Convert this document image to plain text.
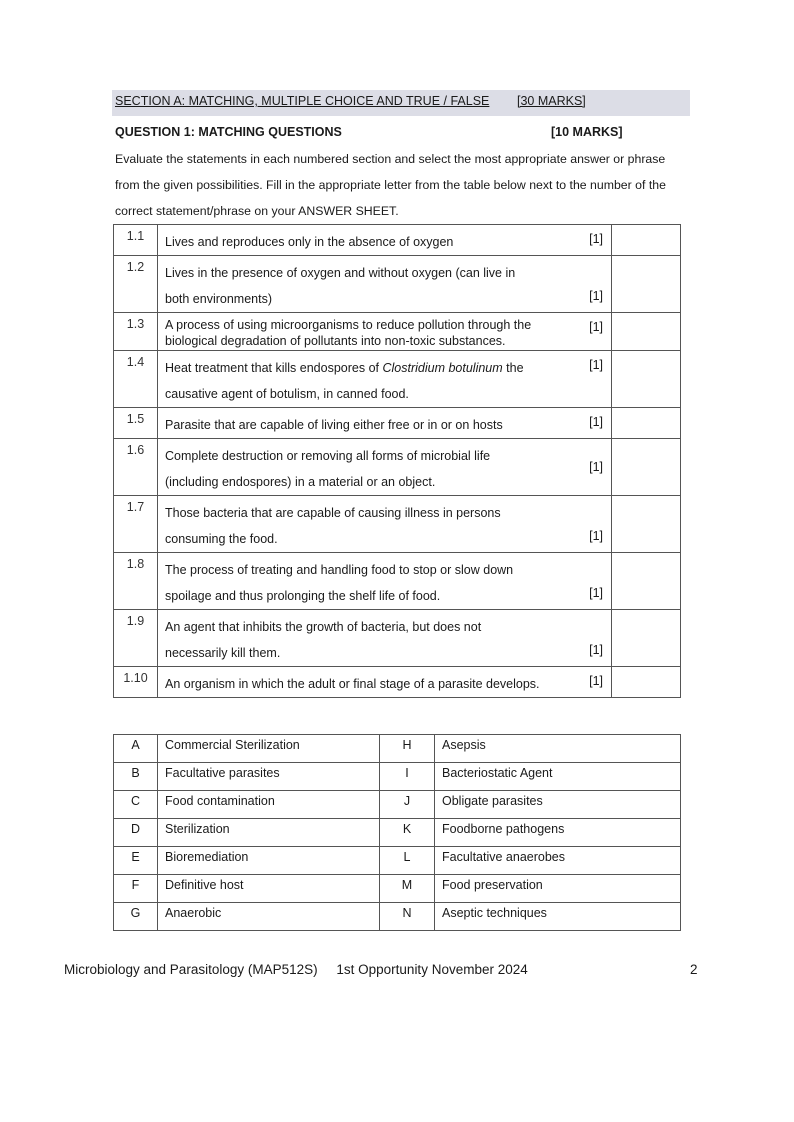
SECTION A: MATCHING, MULTIPLE CHOICE AND TRUE / FALSE [30 MARKS]
QUESTION 1: MATCHING QUESTIONS	[10 MARKS]

Evaluate the statements in each numbered section and select the most appropriate answer or phrase

from the given possibilities. Fill in the appropriate letter from the table below next to the number of the

correct statement/phrase on your ANSWER SHEET.

1.1	Lives and reproduces only in the absence of oxygen [1]	

1.2	Lives in the presence of oxygen and without oxygen (can live in
both environments) [1]	

1.3	A process of using microorganisms to reduce pollution through the
biological degradation of pollutants into non-toxic substances.
[1]	

1.4	Heat treatment that kills endospores of Clostridium botulinum the
causative agent of botulism, in canned food.
[1]	

1.5	Parasite that are capable of living either free or in or on hosts [1]	

1.6	Complete destruction or removing all forms of microbial life
(including endospores) in a material or an object.
[1]	

1.7	Those bacteria that are capable of causing illness in persons
consuming the food. [1]	

1.8	The process of treating and handling food to stop or slow down
spoilage and thus prolonging the shelf life of food. [1]	

1.9	An agent that inhibits the growth of bacteria, but does not
necessarily kill them. [1]	

1.10	An organism in which the adult or final stage of a parasite develops. [1]	

A	Commercial Sterilization	H	Asepsis
B	Facultative parasites	I	Bacteriostatic Agent
C	Food contamination	J	Obligate parasites
D	Sterilization	K	Foodborne pathogens
E	Bioremediation	L	Facultative anaerobes
F	Definitive host	M	Food preservation
G	Anaerobic	N	Aseptic techniques
Microbiology and Parasitology (MAP512S) 1st Opportunity November 2024	2
